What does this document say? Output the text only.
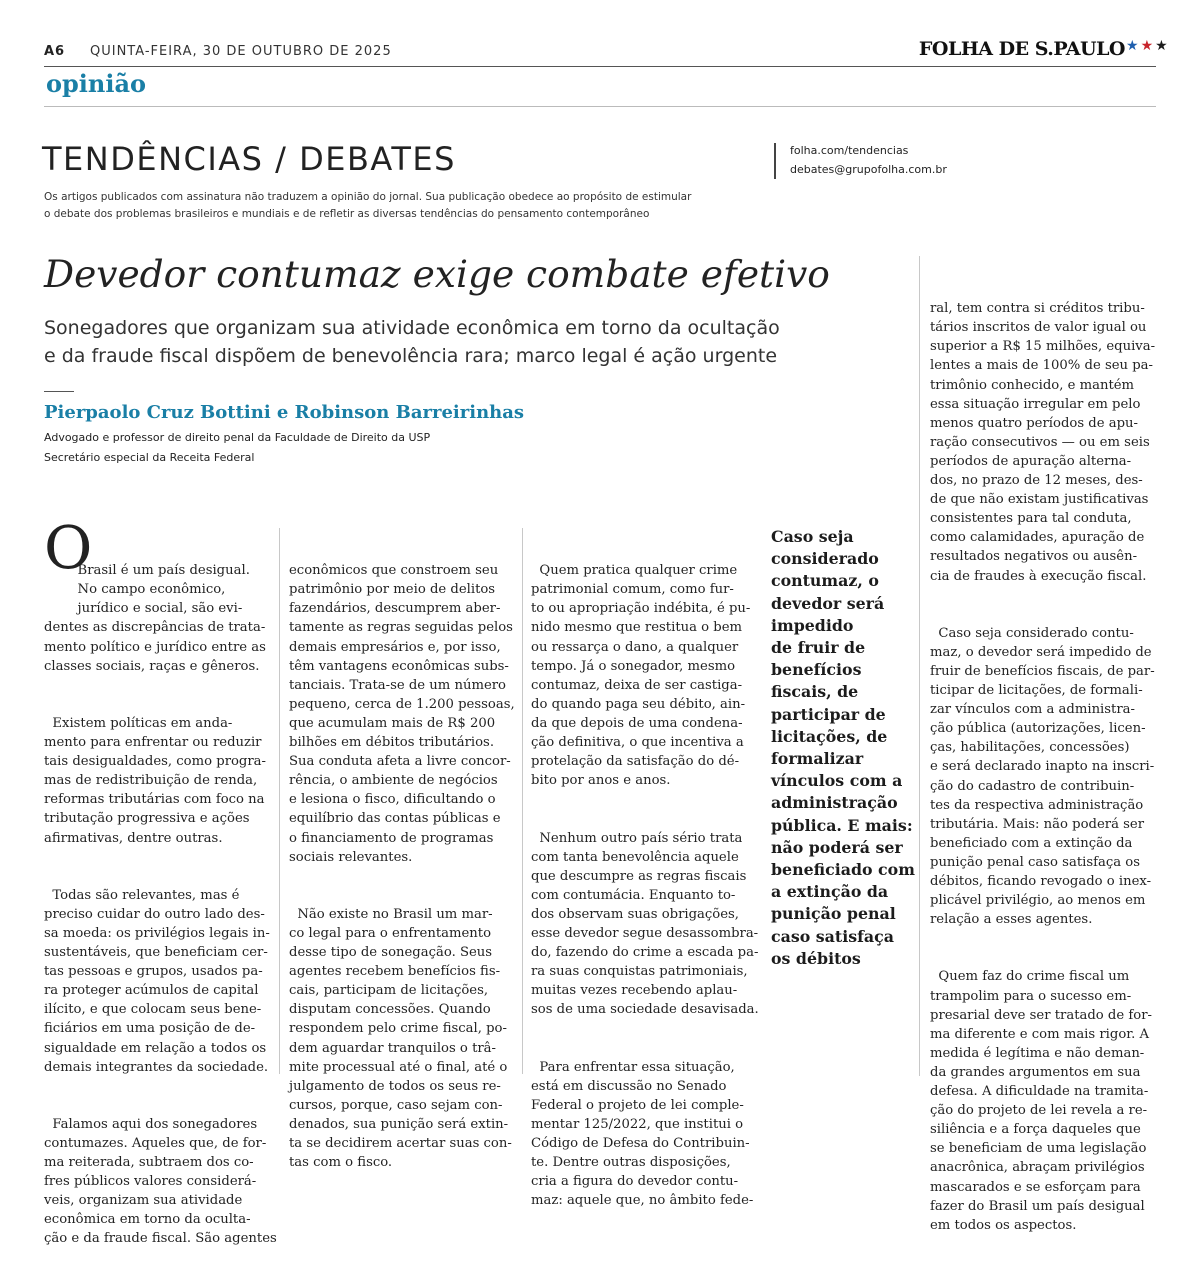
A6 QUINTA-FEIRA, 30 DE OUTUBRO DE 2025	FOLHA DE S.PAULO ★★★
opinião
TENDÊNCIAS / DEBATES
Os artigos publicados com assinatura não traduzem a opinião do jornal. Sua publicação obedece ao propósito de estimular
o debate dos problemas brasileiros e mundiais e de refletir as diversas tendências do pensamento contemporâneo
folha.com/tendencias
debates@grupofolha.com.br
Devedor contumaz exige combate efetivo
Sonegadores que organizam sua atividade econômica em torno da ocultação
e da fraude fiscal dispõem de benevolência rara; marco legal é ação urgente
Pierpaolo Cruz Bottini e Robinson Barreirinhas
Advogado e professor de direito penal da Faculdade de Direito da USP
Secretário especial da Receita Federal
O

Brasil é um país desigual.
No campo econômico,
jurídico e social, são evi-
dentes as discrepâncias de trata-
mento político e jurídico entre as
classes sociais, raças e gêneros.

Existem políticas em anda-
mento para enfrentar ou reduzir
tais desigualdades, como progra-
mas de redistribuição de renda,
reformas tributárias com foco na
tributação progressiva e ações
afirmativas, dentre outras.

Todas são relevantes, mas é
preciso cuidar do outro lado des-
sa moeda: os privilégios legais in-
sustentáveis, que beneficiam cer-
tas pessoas e grupos, usados pa-
ra proteger acúmulos de capital
ilícito, e que colocam seus bene-
ficiários em uma posição de de-
sigualdade em relação a todos os
demais integrantes da sociedade.

Falamos aqui dos sonegadores
contumazes. Aqueles que, de for-
ma reiterada, subtraem dos co-
fres públicos valores considerá-
veis, organizam sua atividade
econômica em torno da oculta-
ção e da fraude fiscal. São agentes

econômicos que constroem seu
patrimônio por meio de delitos
fazendários, descumprem aber-
tamente as regras seguidas pelos
demais empresários e, por isso,
têm vantagens econômicas subs-
tanciais. Trata-se de um número
pequeno, cerca de 1.200 pessoas,
que acumulam mais de R$ 200
bilhões em débitos tributários.
Sua conduta afeta a livre concor-
rência, o ambiente de negócios
e lesiona o fisco, dificultando o
equilíbrio das contas públicas e
o financiamento de programas
sociais relevantes.

Não existe no Brasil um mar-
co legal para o enfrentamento
desse tipo de sonegação. Seus
agentes recebem benefícios fis-
cais, participam de licitações,
disputam concessões. Quando
respondem pelo crime fiscal, po-
dem aguardar tranquilos o trâ-
mite processual até o final, até o
julgamento de todos os seus re-
cursos, porque, caso sejam con-
denados, sua punição será extin-
ta se decidirem acertar suas con-
tas com o fisco.

Quem pratica qualquer crime
patrimonial comum, como fur-
to ou apropriação indébita, é pu-
nido mesmo que restitua o bem
ou ressarça o dano, a qualquer
tempo. Já o sonegador, mesmo
contumaz, deixa de ser castiga-
do quando paga seu débito, ain-
da que depois de uma condena-
ção definitiva, o que incentiva a
protelação da satisfação do dé-
bito por anos e anos.

Nenhum outro país sério trata
com tanta benevolência aquele
que descumpre as regras fiscais
com contumácia. Enquanto to-
dos observam suas obrigações,
esse devedor segue desassombra-
do, fazendo do crime a escada pa-
ra suas conquistas patrimoniais,
muitas vezes recebendo aplau-
sos de uma sociedade desavisada.

Para enfrentar essa situação,
está em discussão no Senado
Federal o projeto de lei comple-
mentar 125/2022, que institui o
Código de Defesa do Contribuin-
te. Dentre outras disposições,
cria a figura do devedor contu-
maz: aquele que, no âmbito fede-

Caso seja
considerado
contumaz, o
devedor será
impedido
de fruir de
benefícios
fiscais, de
participar de
licitações, de
formalizar
vínculos com a
administração
pública. E mais:
não poderá ser
beneficiado com
a extinção da
punição penal
caso satisfaça
os débitos

ral, tem contra si créditos tribu-
tários inscritos de valor igual ou
superior a R$ 15 milhões, equiva-
lentes a mais de 100% de seu pa-
trimônio conhecido, e mantém
essa situação irregular em pelo
menos quatro períodos de apu-
ração consecutivos — ou em seis
períodos de apuração alterna-
dos, no prazo de 12 meses, des-
de que não existam justificativas
consistentes para tal conduta,
como calamidades, apuração de
resultados negativos ou ausên-
cia de fraudes à execução fiscal.

Caso seja considerado contu-
maz, o devedor será impedido de
fruir de benefícios fiscais, de par-
ticipar de licitações, de formali-
zar vínculos com a administra-
ção pública (autorizações, licen-
ças, habilitações, concessões)
e será declarado inapto na inscri-
ção do cadastro de contribuin-
tes da respectiva administração
tributária. Mais: não poderá ser
beneficiado com a extinção da
punição penal caso satisfaça os
débitos, ficando revogado o inex-
plicável privilégio, ao menos em
relação a esses agentes.

Quem faz do crime fiscal um
trampolim para o sucesso em-
presarial deve ser tratado de for-
ma diferente e com mais rigor. A
medida é legítima e não deman-
da grandes argumentos em sua
defesa. A dificuldade na tramita-
ção do projeto de lei revela a re-
siliência e a força daqueles que
se beneficiam de uma legislação
anacrônica, abraçam privilégios
mascarados e se esforçam para
fazer do Brasil um país desigual
em todos os aspectos.
